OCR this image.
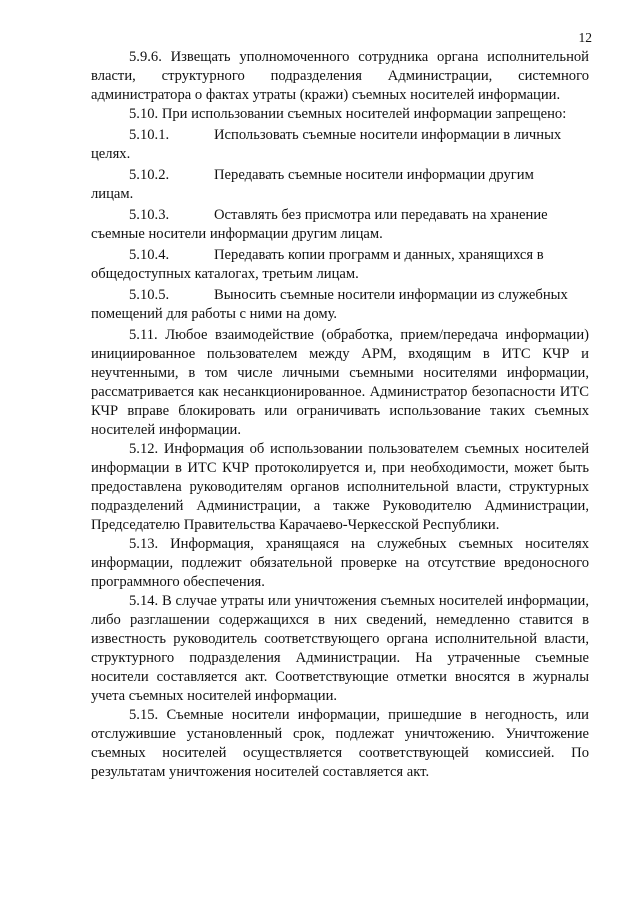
12

5.9.6. Извещать уполномоченного сотрудника органа исполнительной власти, структурного подразделения Администрации, системного администратора о фактах утраты (кражи) съемных носителей информации.

5.10. При использовании съемных носителей информации запрещено:

5.10.1.	Использовать съемные носители информации в личных

целях.

5.10.2.	Передавать съемные носители информации другим

лицам.

5.10.3.	Оставлять без присмотра или передавать на хранение

съемные носители информации другим лицам.

5.10.4.	Передавать копии программ и данных, хранящихся в

общедоступных каталогах, третьим лицам.

5.10.5.	Выносить съемные носители информации из служебных

помещений для работы с ними на дому.

5.11. Любое взаимодействие (обработка, прием/передача информации) инициированное пользователем между АРМ, входящим в ИТС КЧР и неучтенными, в том числе личными съемными носителями информации, рассматривается как несанкционированное. Администратор безопасности ИТС КЧР вправе блокировать или ограничивать использование таких съемных носителей информации.

5.12. Информация об использовании пользователем съемных носителей информации в ИТС КЧР протоколируется и, при необходимости, может быть предоставлена руководителям органов исполнительной власти, структурных подразделений Администрации, а также Руководителю Администрации, Председателю Правительства Карачаево-Черкесской Республики.

5.13. Информация, хранящаяся на служебных съемных носителях информации, подлежит обязательной проверке на отсутствие вредоносного программного обеспечения.

5.14. В случае утраты или уничтожения съемных носителей информации, либо разглашении содержащихся в них сведений, немедленно ставится в известность руководитель соответствующего органа исполнительной власти, структурного подразделения Администрации. На утраченные съемные носители составляется акт. Соответствующие отметки вносятся в журналы учета съемных носителей информации.

5.15. Съемные носители информации, пришедшие в негодность, или отслужившие установленный срок, подлежат уничтожению. Уничтожение съемных носителей осуществляется соответствующей комиссией. По результатам уничтожения носителей составляется акт.
